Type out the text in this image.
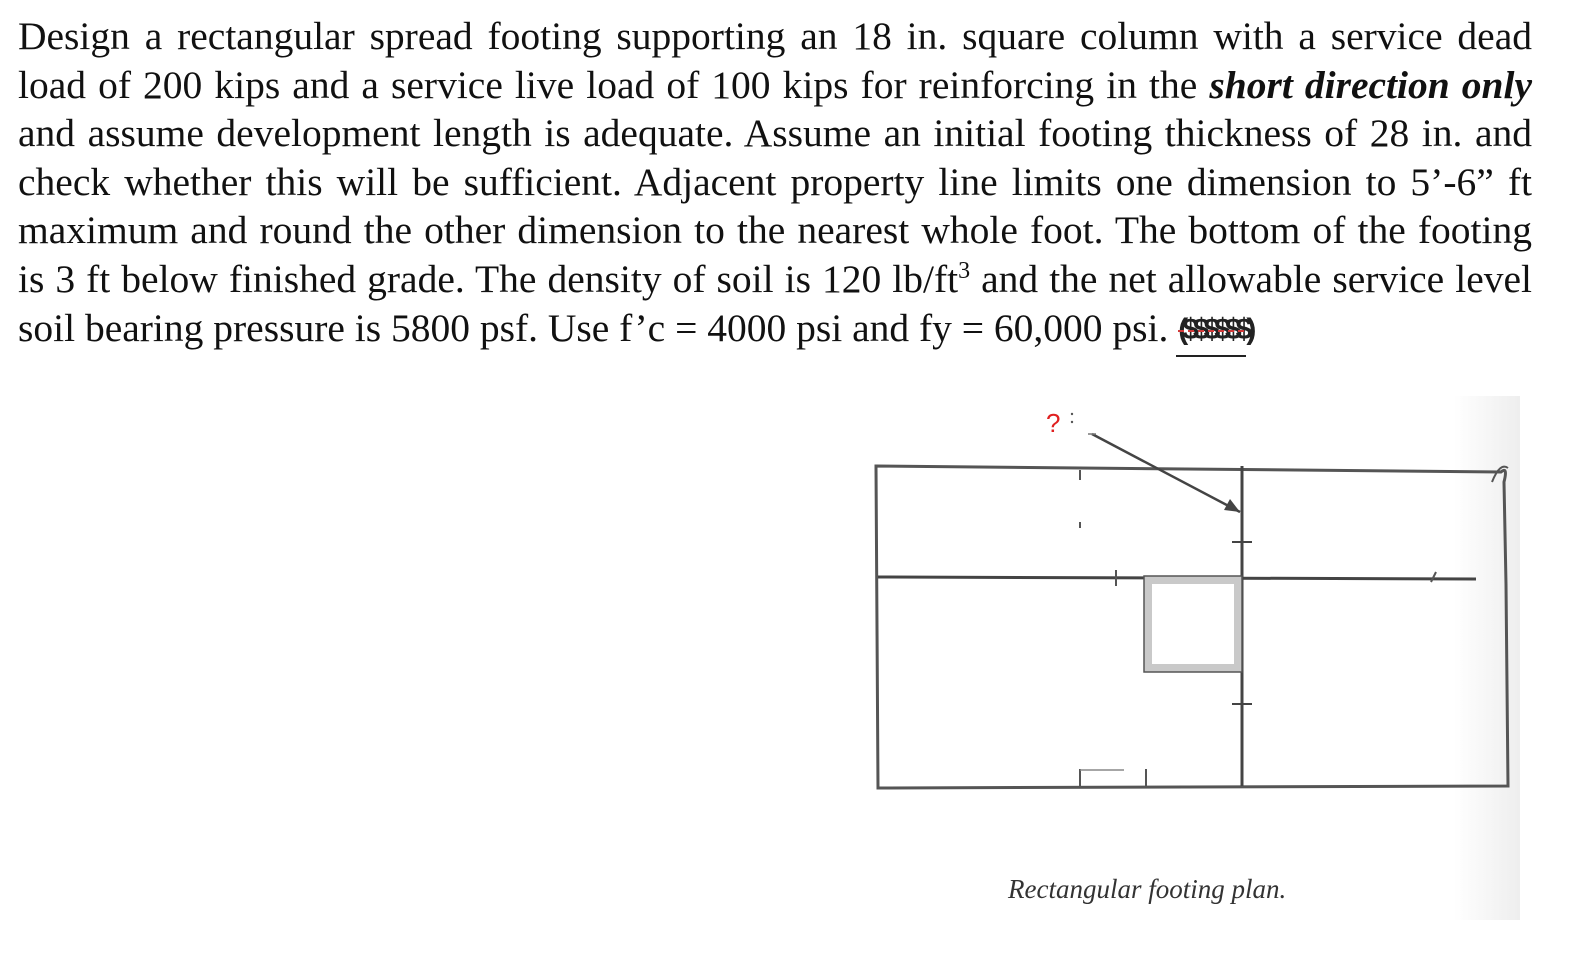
Design a rectangular spread footing supporting an 18 in. square column with a service dead load of 200 kips and a service live load of 100 kips for reinforcing in the short direction only and assume development length is adequate. Assume an initial footing thickness of 28 in. and check whether this will be sufficient. Adjacent property line limits one dimension to 5’-6” ft maximum and round the other dimension to the nearest whole foot. The bottom of the footing is 3 ft below finished grade. The density of soil is 120 $lb/ft^3$ and the net allowable service level soil bearing pressure is 5800 psf. Use f’c = 4000 psi and fy = 60,000 psi. ($$$$$$)

?
Rectangular footing plan.
